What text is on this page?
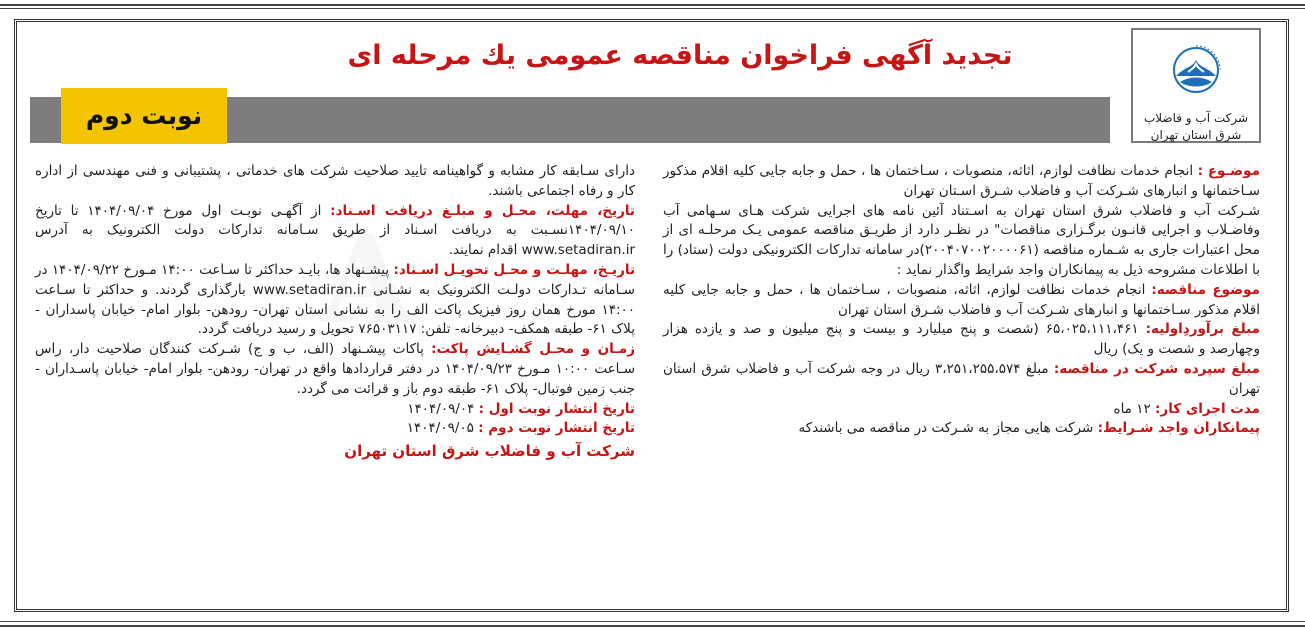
شرکت آب و فاضلاب
شرق استان تهران
تجدید آگهی فراخوان مناقصه عمومی یك مرحله ای
نوبت دوم

موضـوع : انجام خدمات نظافت لوازم، اثاثه، منصوبات ، سـاختمان ها ، حمل و جابه جایی کلیه اقلام مذکور سـاختمانها و انبارهای شـرکت آب و فاضلاب شـرق اسـتان تهران

شـرکت آب و فاضلاب شرق استان تهران به اسـتناد آئین نامه های اجرایی شرکت هـای سـهامی آب وفاضـلاب و اجرایی قانـون برگـزاری مناقصات" در نظـر دارد از طریـق مناقصه عمومی یـک مرحلـه ای از محل اعتبارات جاری به شـماره مناقصه (۲۰۰۴۰۷۰۰۲۰۰۰۰۶۱)در سامانه تدارکات الکترونیکی دولت (ستاد) را با اطلاعات مشروحه ذیل به پیمانکاران واجد شرایط واگذار نماید :

موضوع مناقصه: انجام خدمات نظافت لوازم، اثاثه، منصوبات ، سـاختمان ها ، حمل و جابه جایی کلیه اقلام مذکور سـاختمانها و انبارهای شـرکت آب و فاضلاب شـرق استان تهران

مبلغ برآوردِاولیه: ۶۵،۰۲۵،۱۱۱،۴۶۱ (شصت و پنج میلیارد و بیست و پنج میلیون و صد و یازده هزار وچهارصد و شصت و یک) ریال

مبلغ سپرده شرکت در مناقصه: مبلغ ۳،۲۵۱،۲۵۵،۵۷۴ ریال در وجه شرکت آب و فاضلاب شرق استان تهران

مدت اجرای کار: ۱۲ ماه

پیمانکاران واجد شـرایط: شرکت هایی مجاز به شـرکت در مناقصه می باشندکه

دارای سـابقه کار مشابه و گواهینامه تایید صلاحیت شرکت های خدماتی ، پشتیبانی و فنی مهندسی از اداره کار و رفاه اجتماعی باشند.

تاریخ، مهلت، محـل و مبلـغ دریافت اسـناد: از آگهـی نوبـت اول مورخ ۱۴۰۴/۰۹/۰۴ تا تاریخ ۱۴۰۴/۰۹/۱۰نسـبت به دریافت اسـناد از طریق سـامانه تدارکات دولت الکترونیک به آدرس www.setadiran.ir اقدام نمایند.

تاریـخ، مهلـت و محـل تحویـل اسـناد: پیشـنهاد ها، بایـد حداکثر تا سـاعت ۱۴:۰۰ مـورخ ۱۴۰۴/۰۹/۲۲ در سـامانه تـدارکات دولـت الکترونیک به نشـانی www.setadiran.ir بارگذاری گردند. و حداکثر تا سـاعت ۱۴:۰۰ مورخ همان روز فیزیک پاکت الف را به نشانی استان تهران- رودهن- بلوار امام- خیابان پاسداران - پلاک ۶۱- طبقه همکف- دبیرخانه- تلفن: ۷۶۵۰۳۱۱۷ تحویل و رسید دریافت گردد.

زمـان و محـل گشـایش پاکت: پاکات پیشـنهاد (الف، ب و ج) شـرکت کنندگان صلاحیت دار، راس سـاعت ۱۰:۰۰ مـورخ ۱۴۰۴/۰۹/۲۳ در دفتر قراردادها واقع در تهران- رودهن- بلوار امام- خیابان پاسـداران - جنب زمین فوتبال- پلاک ۶۱- طبقه دوم باز و قرائت می گردد.

تاریخ انتشار نوبت اول : ۱۴۰۴/۰۹/۰۴

تاریخ انتشار نوبت دوم : ۱۴۰۴/۰۹/۰۵

شرکت آب و فاضلاب شرق استان تهران
